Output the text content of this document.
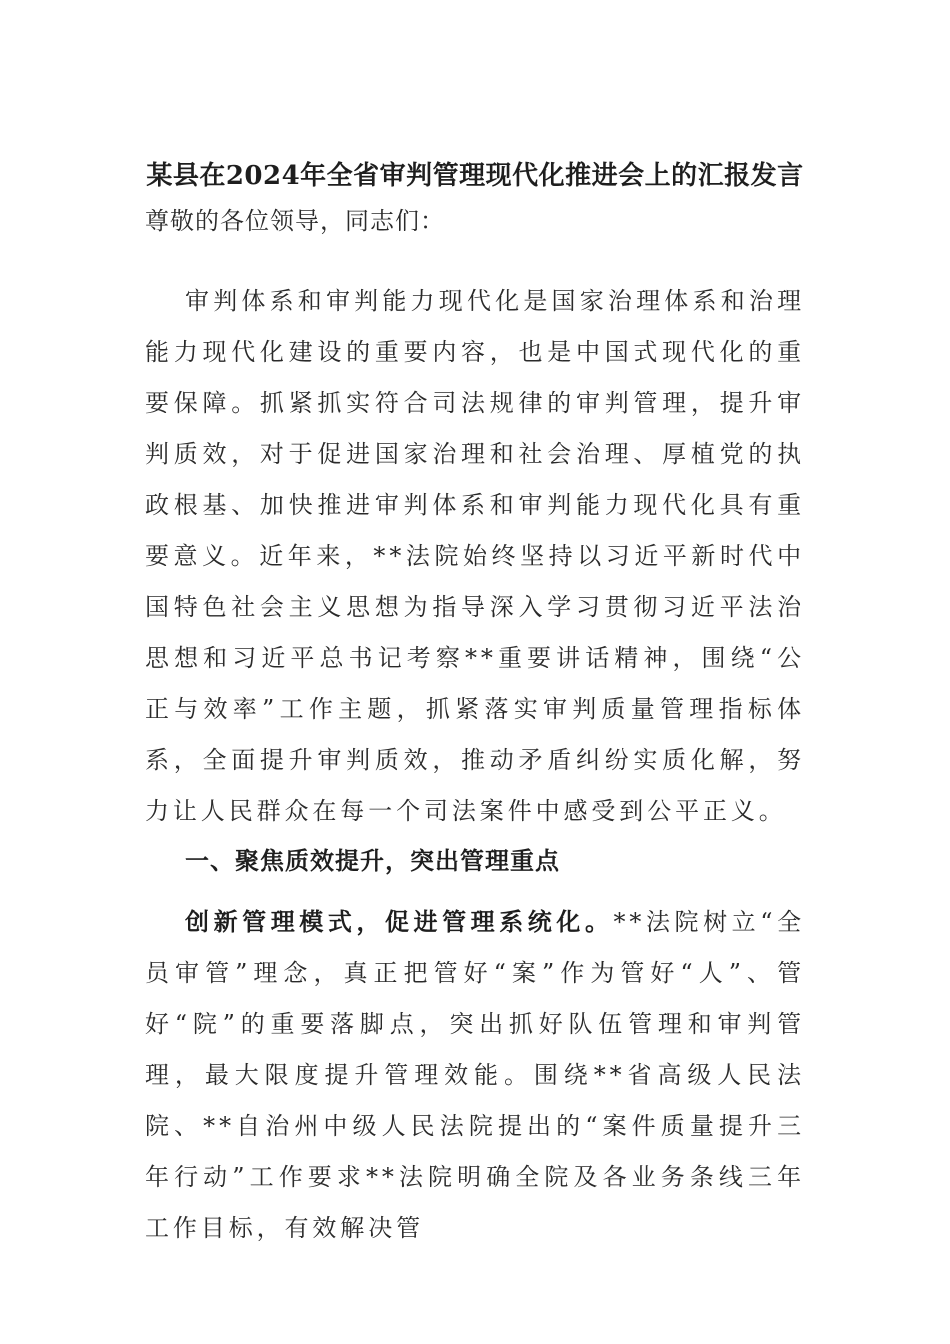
某县在2024年全省审判管理现代化推进会上的汇报发言
尊敬的各位领导，同志们：

审判体系和审判能力现代化是国家治理体系和治理能力现代化建设的重要内容，也是中国式现代化的重要保障。抓紧抓实符合司法规律的审判管理，提升审判质效，对于促进国家治理和社会治理、厚植党的执政根基、加快推进审判体系和审判能力现代化具有重要意义。近年来，**法院始终坚持以习近平新时代中国特色社会主义思想为指导深入学习贯彻习近平法治思想和习近平总书记考察**重要讲话精神，围绕“公正与效率”工作主题，抓紧落实审判质量管理指标体系，全面提升审判质效，推动矛盾纠纷实质化解，努力让人民群众在每一个司法案件中感受到公平正义。

一、聚焦质效提升，突出管理重点

创新管理模式，促进管理系统化。**法院树立“全员审管”理念，真正把管好“案”作为管好“人”、管好“院”的重要落脚点，突出抓好队伍管理和审判管理，最大限度提升管理效能。围绕**省高级人民法院、**自治州中级人民法院提出的“案件质量提升三年行动”工作要求**法院明确全院及各业务条线三年工作目标，有效解决管
